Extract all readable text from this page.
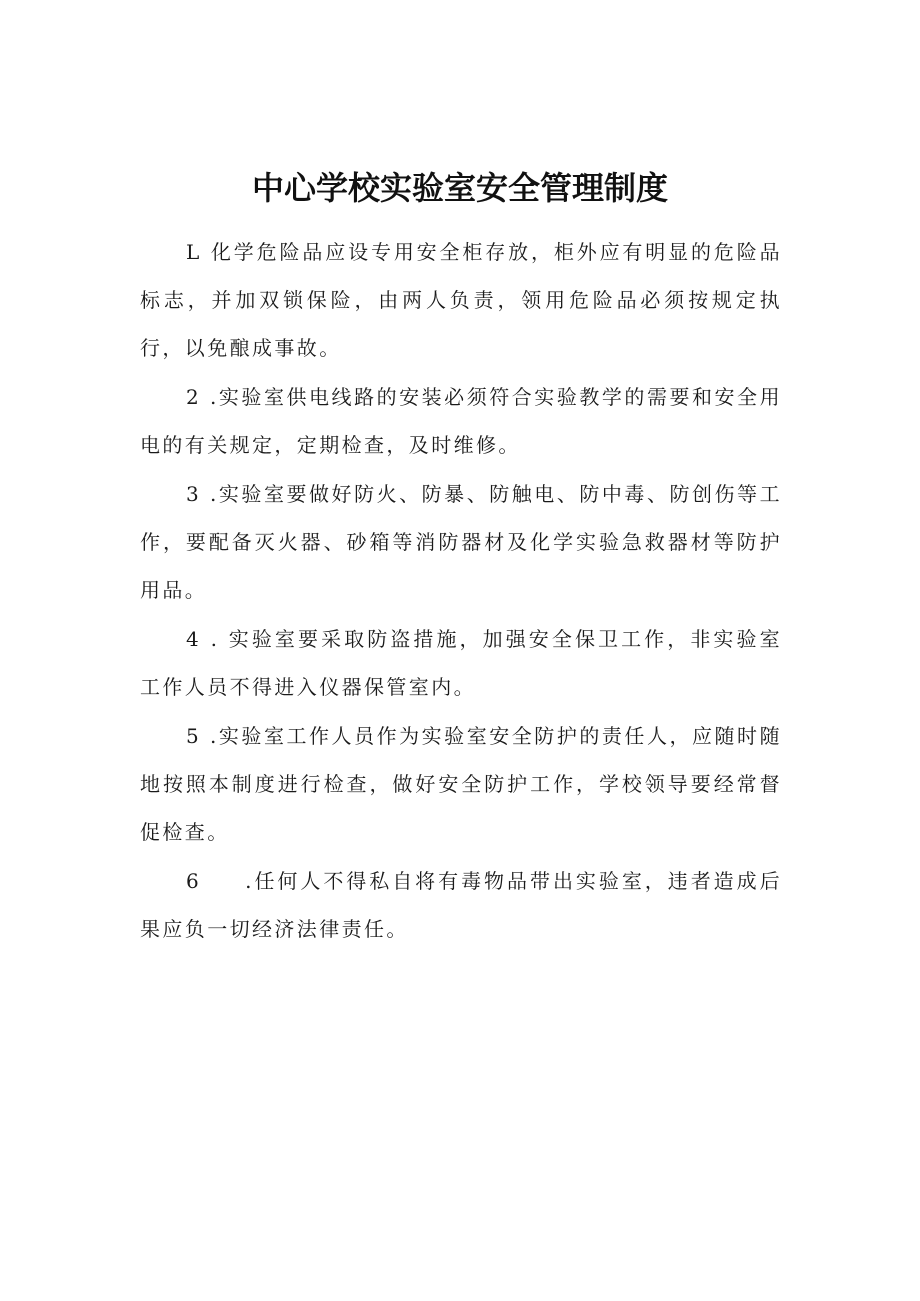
中心学校实验室安全管理制度

L 化学危险品应设专用安全柜存放，柜外应有明显的危险品标志，并加双锁保险，由两人负责，领用危险品必须按规定执行，以免酿成事故。

2 .实验室供电线路的安装必须符合实验教学的需要和安全用电的有关规定，定期检查，及时维修。

3 .实验室要做好防火、防暴、防触电、防中毒、防创伤等工作，要配备灭火器、砂箱等消防器材及化学实验急救器材等防护用品。

4 . 实验室要采取防盗措施，加强安全保卫工作，非实验室工作人员不得进入仪器保管室内。

5 .实验室工作人员作为实验室安全防护的责任人，应随时随地按照本制度进行检查，做好安全防护工作，学校领导要经常督促检查。

6 .任何人不得私自将有毒物品带出实验室，违者造成后果应负一切经济法律责任。
